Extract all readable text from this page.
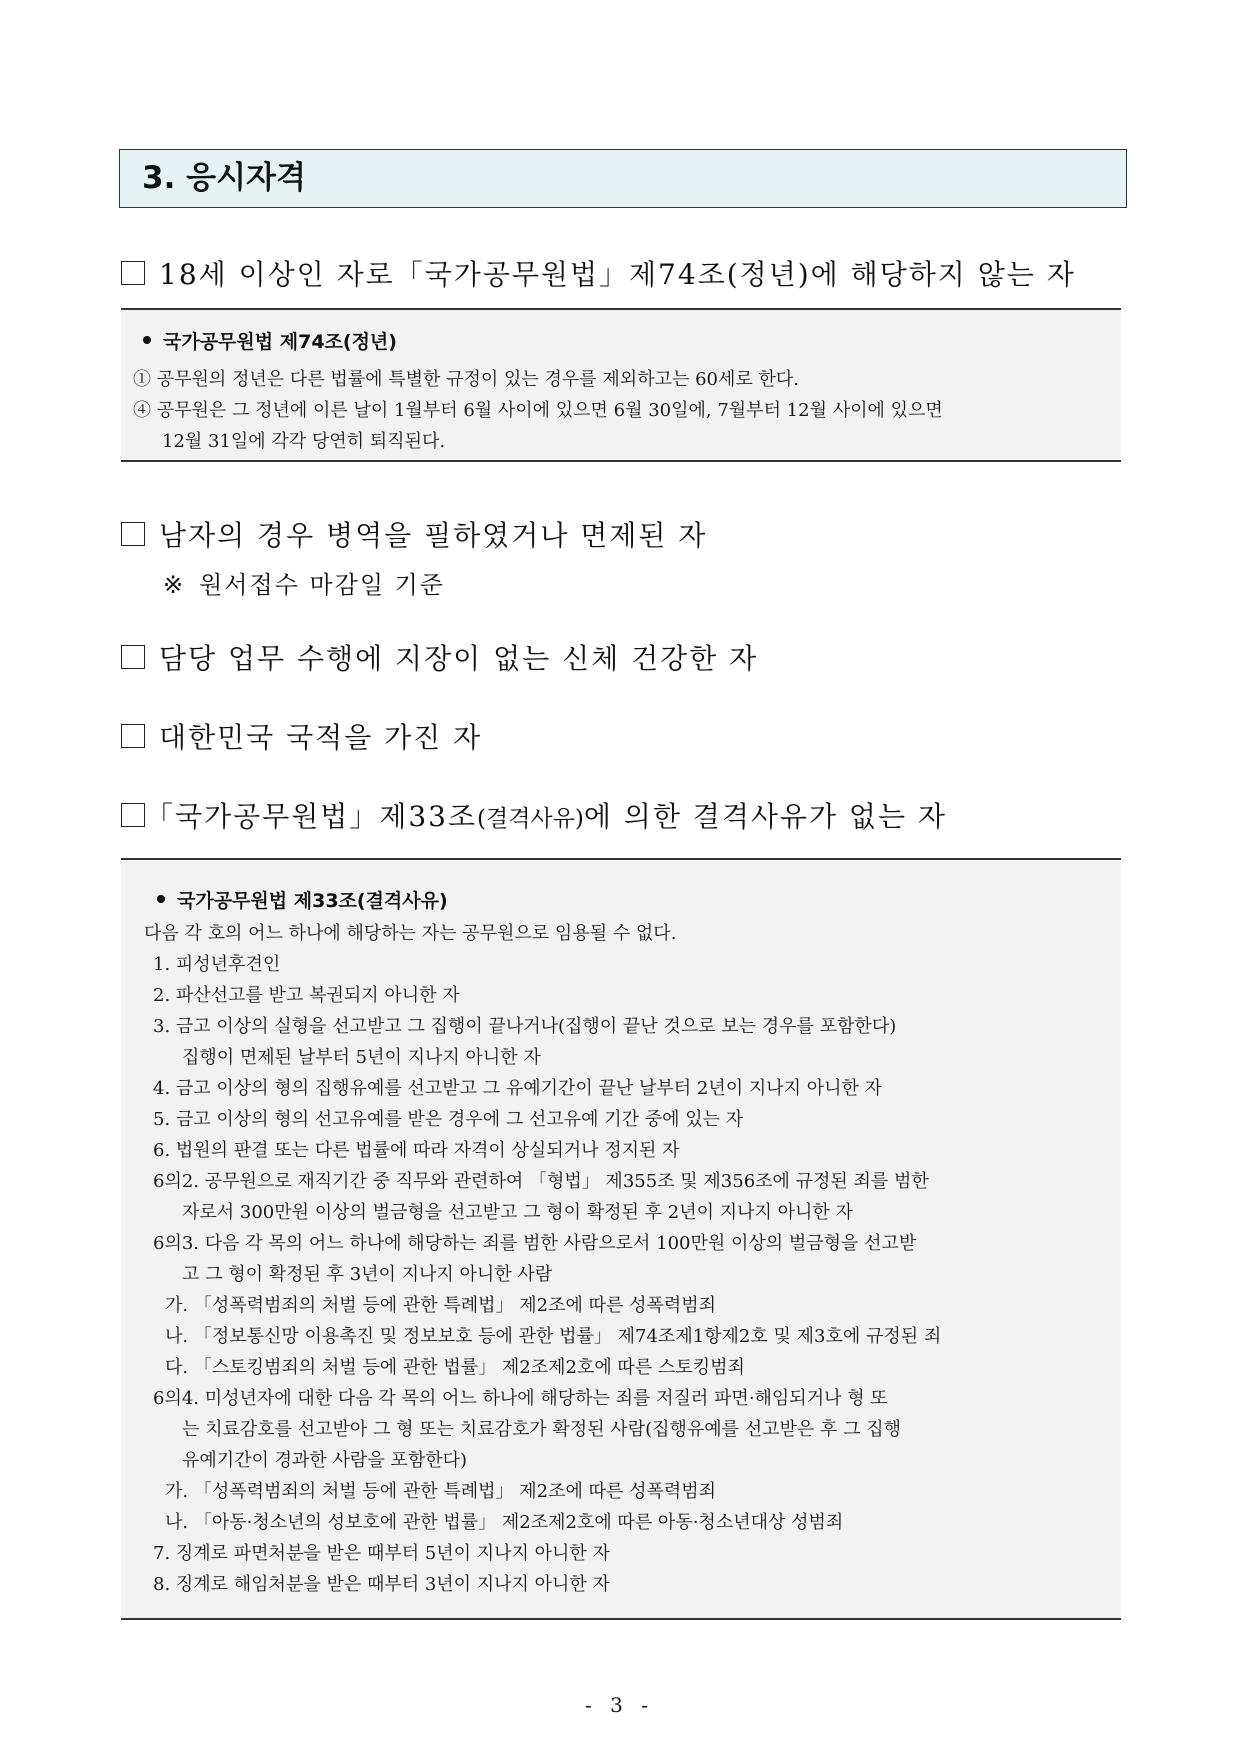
3. 응시자격
18세 이상인 자로「국가공무원법」제74조(정년)에 해당하지 않는 자
국가공무원법 제74조(정년)
① 공무원의 정년은 다른 법률에 특별한 규정이 있는 경우를 제외하고는 60세로 한다.
④ 공무원은 그 정년에 이른 날이 1월부터 6월 사이에 있으면 6월 30일에, 7월부터 12월 사이에 있으면
12월 31일에 각각 당연히 퇴직된다.
남자의 경우 병역을 필하였거나 면제된 자
※ 원서접수 마감일 기준
담당 업무 수행에 지장이 없는 신체 건강한 자
대한민국 국적을 가진 자
「국가공무원법」제33조(결격사유)에 의한 결격사유가 없는 자
국가공무원법 제33조(결격사유)
다음 각 호의 어느 하나에 해당하는 자는 공무원으로 임용될 수 없다.
1. 피성년후견인
2. 파산선고를 받고 복권되지 아니한 자
3. 금고 이상의 실형을 선고받고 그 집행이 끝나거나(집행이 끝난 것으로 보는 경우를 포함한다)
집행이 면제된 날부터 5년이 지나지 아니한 자
4. 금고 이상의 형의 집행유예를 선고받고 그 유예기간이 끝난 날부터 2년이 지나지 아니한 자
5. 금고 이상의 형의 선고유예를 받은 경우에 그 선고유예 기간 중에 있는 자
6. 법원의 판결 또는 다른 법률에 따라 자격이 상실되거나 정지된 자
6의2. 공무원으로 재직기간 중 직무와 관련하여 「형법」 제355조 및 제356조에 규정된 죄를 범한
자로서 300만원 이상의 벌금형을 선고받고 그 형이 확정된 후 2년이 지나지 아니한 자
6의3. 다음 각 목의 어느 하나에 해당하는 죄를 범한 사람으로서 100만원 이상의 벌금형을 선고받
고 그 형이 확정된 후 3년이 지나지 아니한 사람
가. 「성폭력범죄의 처벌 등에 관한 특례법」 제2조에 따른 성폭력범죄
나. 「정보통신망 이용촉진 및 정보보호 등에 관한 법률」 제74조제1항제2호 및 제3호에 규정된 죄
다. 「스토킹범죄의 처벌 등에 관한 법률」 제2조제2호에 따른 스토킹범죄
6의4. 미성년자에 대한 다음 각 목의 어느 하나에 해당하는 죄를 저질러 파면·해임되거나 형 또
는 치료감호를 선고받아 그 형 또는 치료감호가 확정된 사람(집행유예를 선고받은 후 그 집행
유예기간이 경과한 사람을 포함한다)
가. 「성폭력범죄의 처벌 등에 관한 특례법」 제2조에 따른 성폭력범죄
나. 「아동·청소년의 성보호에 관한 법률」 제2조제2호에 따른 아동·청소년대상 성범죄
7. 징계로 파면처분을 받은 때부터 5년이 지나지 아니한 자
8. 징계로 해임처분을 받은 때부터 3년이 지나지 아니한 자
- 3 -
